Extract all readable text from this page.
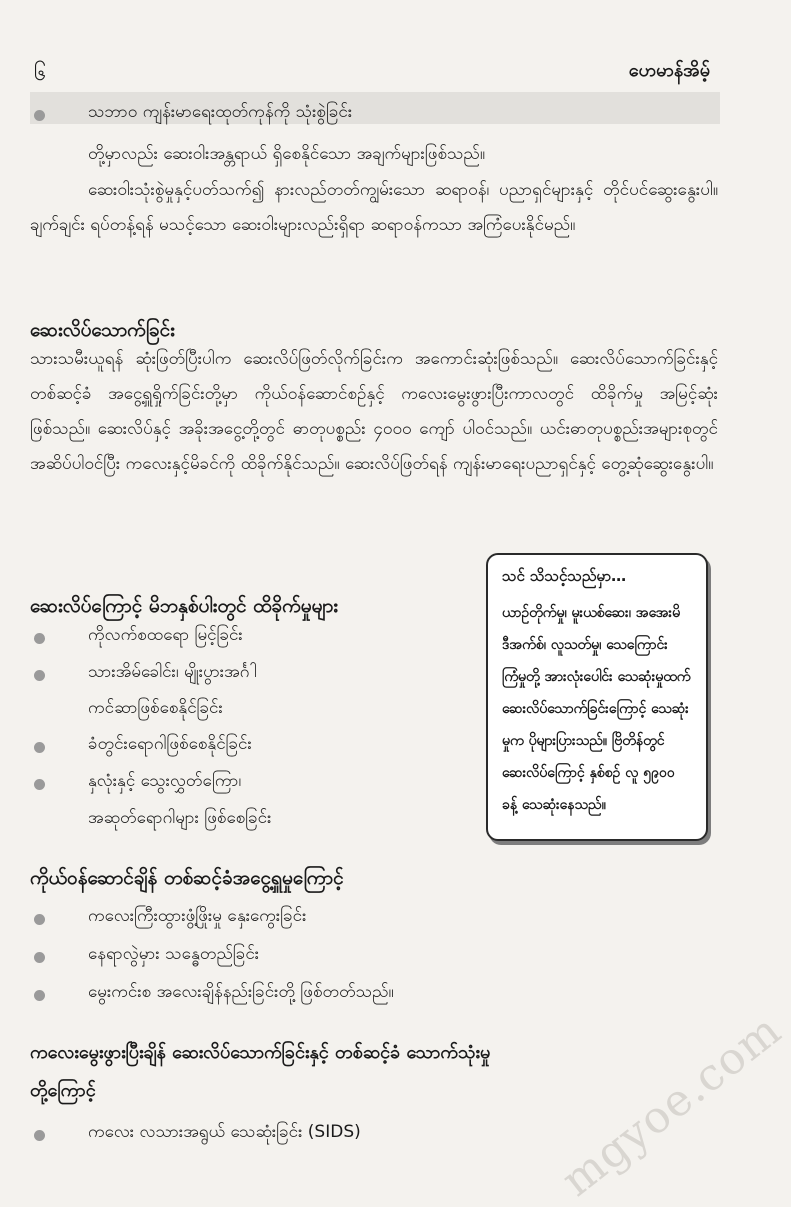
၆	ဟေမာန်အိမ့်
သဘာဝ ကျန်းမာရေးထုတ်ကုန်ကို သုံးစွဲခြင်း
တို့မှာလည်း ဆေးဝါးအန္တရာယ် ရှိစေနိုင်သော အချက်များဖြစ်သည်။
ဆေးဝါးသုံးစွဲမှုနှင့်ပတ်သက်၍ နားလည်တတ်ကျွမ်းသော ဆရာဝန်၊ ပညာရှင်များနှင့် တိုင်ပင်ဆွေးနွေးပါ။ ချက်ချင်း ရပ်တန့်ရန် မသင့်သော ဆေးဝါးများလည်းရှိရာ ဆရာဝန်ကသာ အကြံပေးနိုင်မည်။
ဆေးလိပ်သောက်ခြင်း
သားသမီးယူရန် ဆုံးဖြတ်ပြီးပါက ဆေးလိပ်ဖြတ်လိုက်ခြင်းက အကောင်းဆုံးဖြစ်သည်။ ဆေးလိပ်သောက်ခြင်းနှင့် တစ်ဆင့်ခံ အငွေ့ရှူရှိုက်ခြင်းတို့မှာ ကိုယ်ဝန်ဆောင်စဉ်နှင့် ကလေးမွေးဖွားပြီးကာလတွင် ထိခိုက်မှု အမြင့်ဆုံး ဖြစ်သည်။ ဆေးလိပ်နှင့် အခိုးအငွေ့တို့တွင် ဓာတုပစ္စည်း ၄၀၀၀ ကျော် ပါဝင်သည်။ ယင်းဓာတုပစ္စည်းအများစုတွင် အဆိပ်ပါဝင်ပြီး ကလေးနှင့်မိခင်ကို ထိခိုက်နိုင်သည်။ ဆေးလိပ်ဖြတ်ရန် ကျန်းမာရေးပညာရှင်နှင့် တွေ့ဆုံဆွေးနွေးပါ။
ဆေးလိပ်ကြောင့် မိဘနှစ်ပါးတွင် ထိခိုက်မှုများ
ကိုလက်စထရော မြင့်ခြင်း
သားအိမ်ခေါင်း၊ မျိုးပွားအင်္ဂါ
ကင်ဆာဖြစ်စေနိုင်ခြင်း
ခံတွင်းရောဂါဖြစ်စေနိုင်ခြင်း
နှလုံးနှင့် သွေးလွှတ်ကြော၊
အဆုတ်ရောဂါများ ဖြစ်စေခြင်း
သင် သိသင့်သည်မှာ…
ယာဉ်တိုက်မှု၊ မူးယစ်ဆေး၊ အအေးမိ
ဒီအက်စ်၊ လူသတ်မှု၊ သေကြောင်း
ကြံမှုတို့ အားလုံးပေါင်း သေဆုံးမှုထက်
ဆေးလိပ်သောက်ခြင်းကြောင့် သေဆုံး
မှုက ပိုများပြားသည်။ ဗြိတိန်တွင်
ဆေးလိပ်ကြောင့် နှစ်စဉ် လူ ၅၉၀၀
ခန့် သေဆုံးနေသည်။
ကိုယ်ဝန်ဆောင်ချိန် တစ်ဆင့်ခံအငွေ့ရှူမှုကြောင့်
ကလေးကြီးထွားဖွံ့ဖြိုးမှု နှေးကွေးခြင်း
နေရာလွဲမှား သန္ဓေတည်ခြင်း
မွေးကင်းစ အလေးချိန်နည်းခြင်းတို့ ဖြစ်တတ်သည်။
ကလေးမွေးဖွားပြီးချိန် ဆေးလိပ်သောက်ခြင်းနှင့် တစ်ဆင့်ခံ သောက်သုံးမှု
တို့ကြောင့်
ကလေး လသားအရွယ် သေဆုံးခြင်း (SIDS)	mgyoe.com
